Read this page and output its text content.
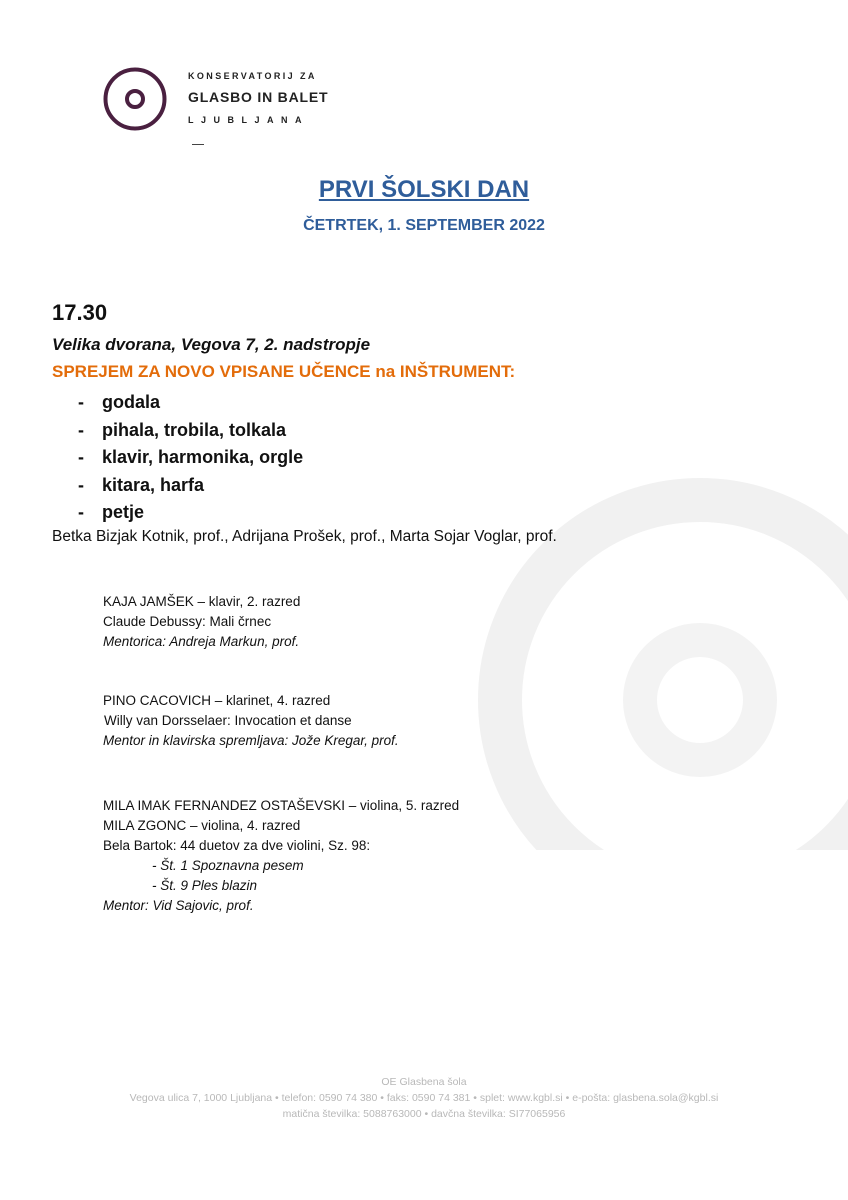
KONSERVATORIJ ZA
GLASBO IN BALET
LJUBLJANA
PRVI ŠOLSKI DAN
ČETRTEK, 1. SEPTEMBER 2022
17.30
Velika dvorana, Vegova 7, 2. nadstropje
SPREJEM ZA NOVO VPISANE UČENCE na INŠTRUMENT:
-	godala
-	pihala, trobila, tolkala
-	klavir, harmonika, orgle
-	kitara, harfa
-	petje
Betka Bizjak Kotnik, prof., Adrijana Prošek, prof., Marta Sojar Voglar, prof.
KAJA JAMŠEK – klavir, 2. razred
Claude Debussy: Mali črnec
Mentorica: Andreja Markun, prof.
PINO CACOVICH – klarinet, 4. razred
Willy van Dorsselaer: Invocation et danse
Mentor in klavirska spremljava: Jože Kregar, prof.
MILA IMAK FERNANDEZ OSTAŠEVSKI – violina, 5. razred
MILA ZGONC – violina, 4. razred
Bela Bartok: 44 duetov za dve violini, Sz. 98:
- Št. 1 Spoznavna pesem
- Št. 9 Ples blazin
Mentor: Vid Sajovic, prof.
OE Glasbena šola
Vegova ulica 7, 1000 Ljubljana • telefon: 0590 74 380 • faks: 0590 74 381 • splet: www.kgbl.si • e-pošta: glasbena.sola@kgbl.si
matična številka: 5088763000 • davčna številka: SI77065956
